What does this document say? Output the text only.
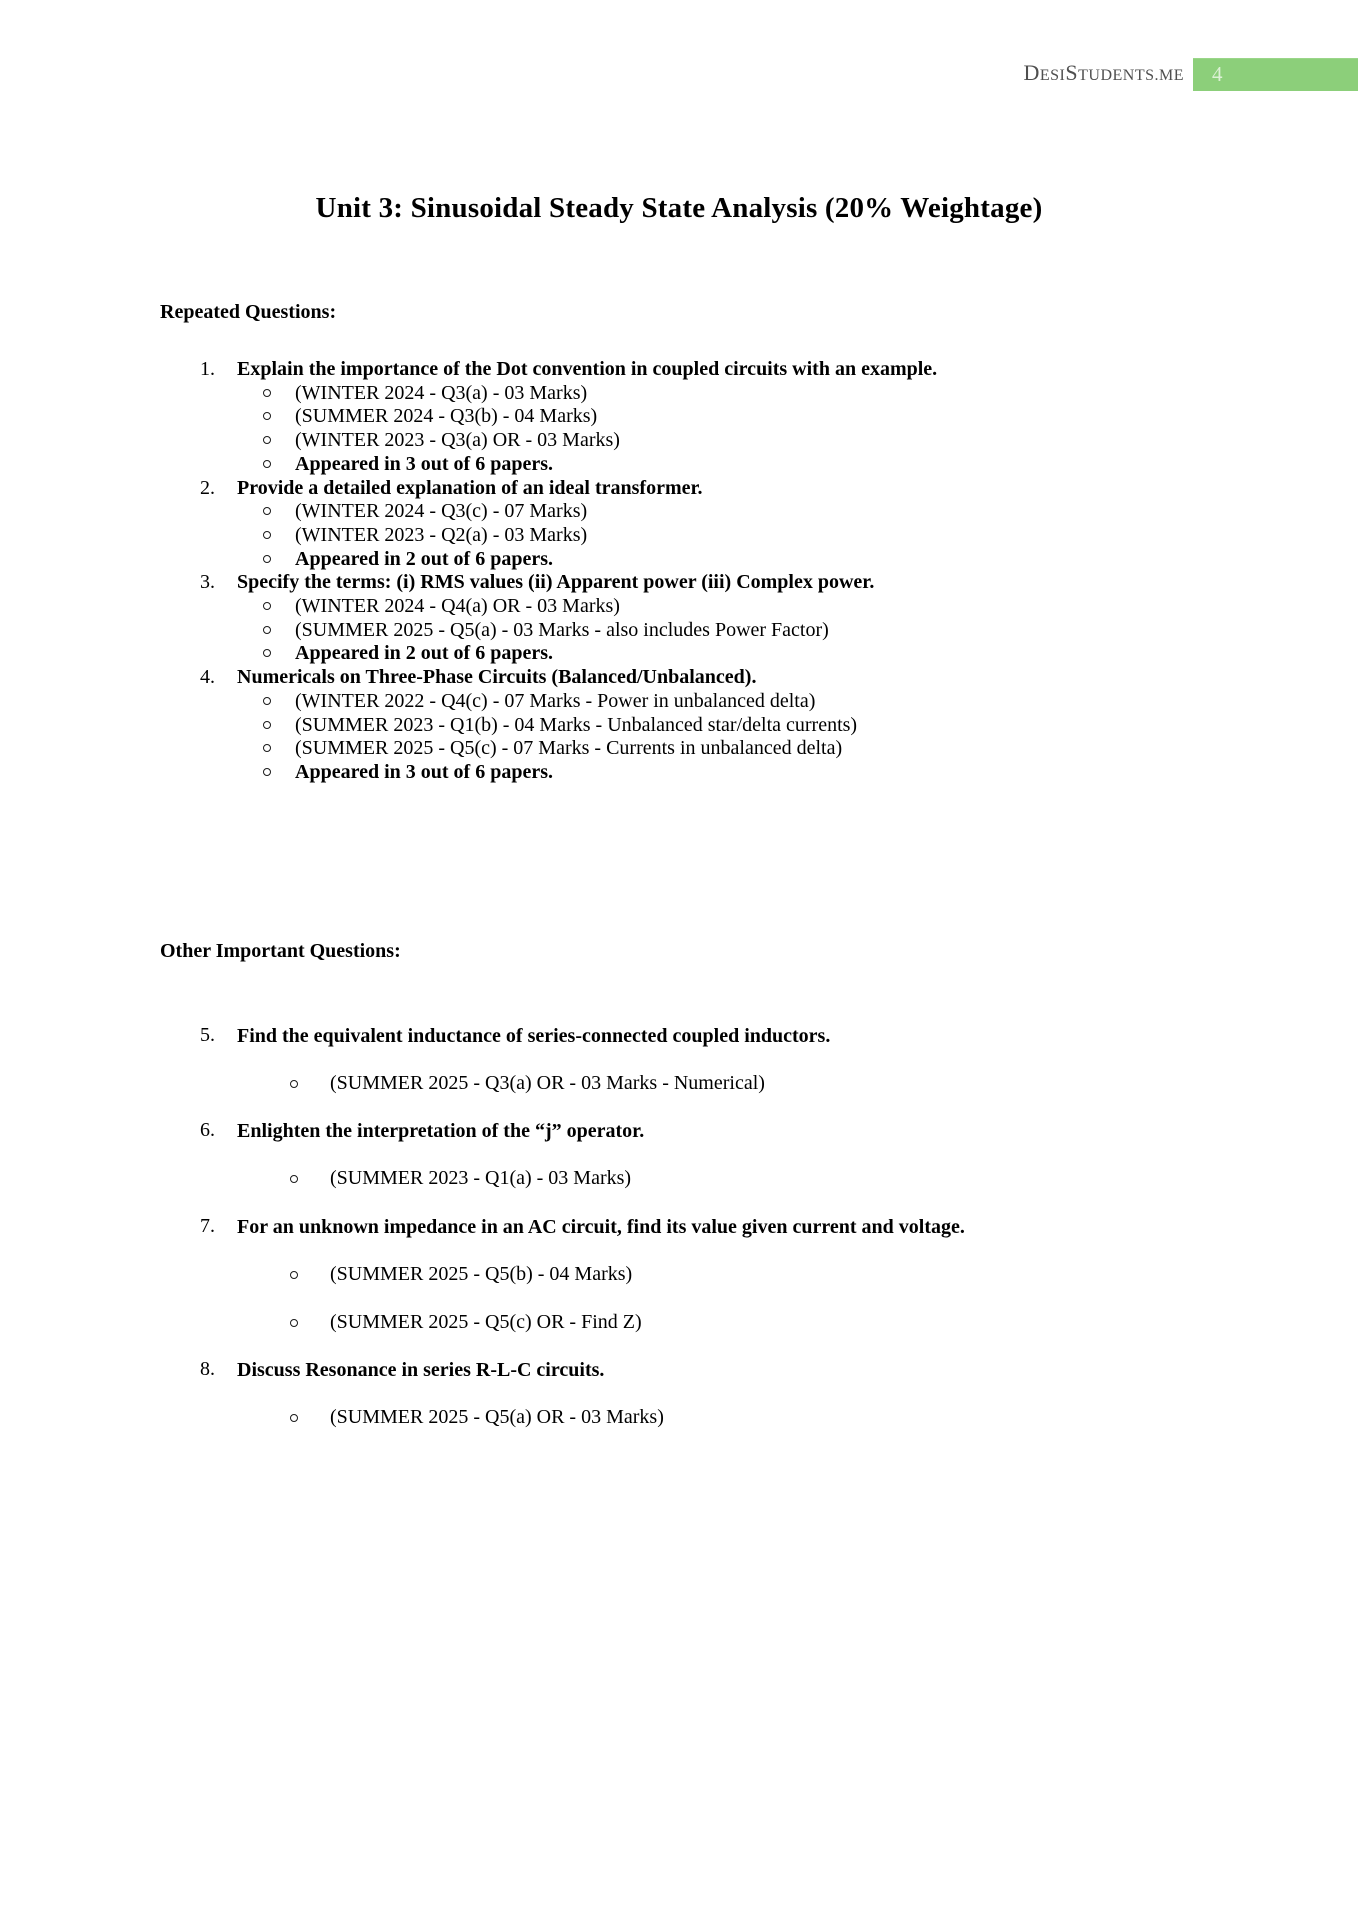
DESISTUDENTS.ME 4
Unit 3: Sinusoidal Steady State Analysis (20% Weightage)
Repeated Questions:
1.	Explain the importance of the Dot convention in coupled circuits with an example.
(WINTER 2024 - Q3(a) - 03 Marks)
(SUMMER 2024 - Q3(b) - 04 Marks)
(WINTER 2023 - Q3(a) OR - 03 Marks)
Appeared in 3 out of 6 papers.
2.	Provide a detailed explanation of an ideal transformer.
(WINTER 2024 - Q3(c) - 07 Marks)
(WINTER 2023 - Q2(a) - 03 Marks)
Appeared in 2 out of 6 papers.
3.	Specify the terms: (i) RMS values (ii) Apparent power (iii) Complex power.
(WINTER 2024 - Q4(a) OR - 03 Marks)
(SUMMER 2025 - Q5(a) - 03 Marks - also includes Power Factor)
Appeared in 2 out of 6 papers.
4.	Numericals on Three-Phase Circuits (Balanced/Unbalanced).
(WINTER 2022 - Q4(c) - 07 Marks - Power in unbalanced delta)
(SUMMER 2023 - Q1(b) - 04 Marks - Unbalanced star/delta currents)
(SUMMER 2025 - Q5(c) - 07 Marks - Currents in unbalanced delta)
Appeared in 3 out of 6 papers.
Other Important Questions:
5.	Find the equivalent inductance of series-connected coupled inductors.
(SUMMER 2025 - Q3(a) OR - 03 Marks - Numerical)
6.	Enlighten the interpretation of the “j” operator.
(SUMMER 2023 - Q1(a) - 03 Marks)
7.	For an unknown impedance in an AC circuit, find its value given current and voltage.
(SUMMER 2025 - Q5(b) - 04 Marks)
(SUMMER 2025 - Q5(c) OR - Find Z)
8.	Discuss Resonance in series R-L-C circuits.
(SUMMER 2025 - Q5(a) OR - 03 Marks)
